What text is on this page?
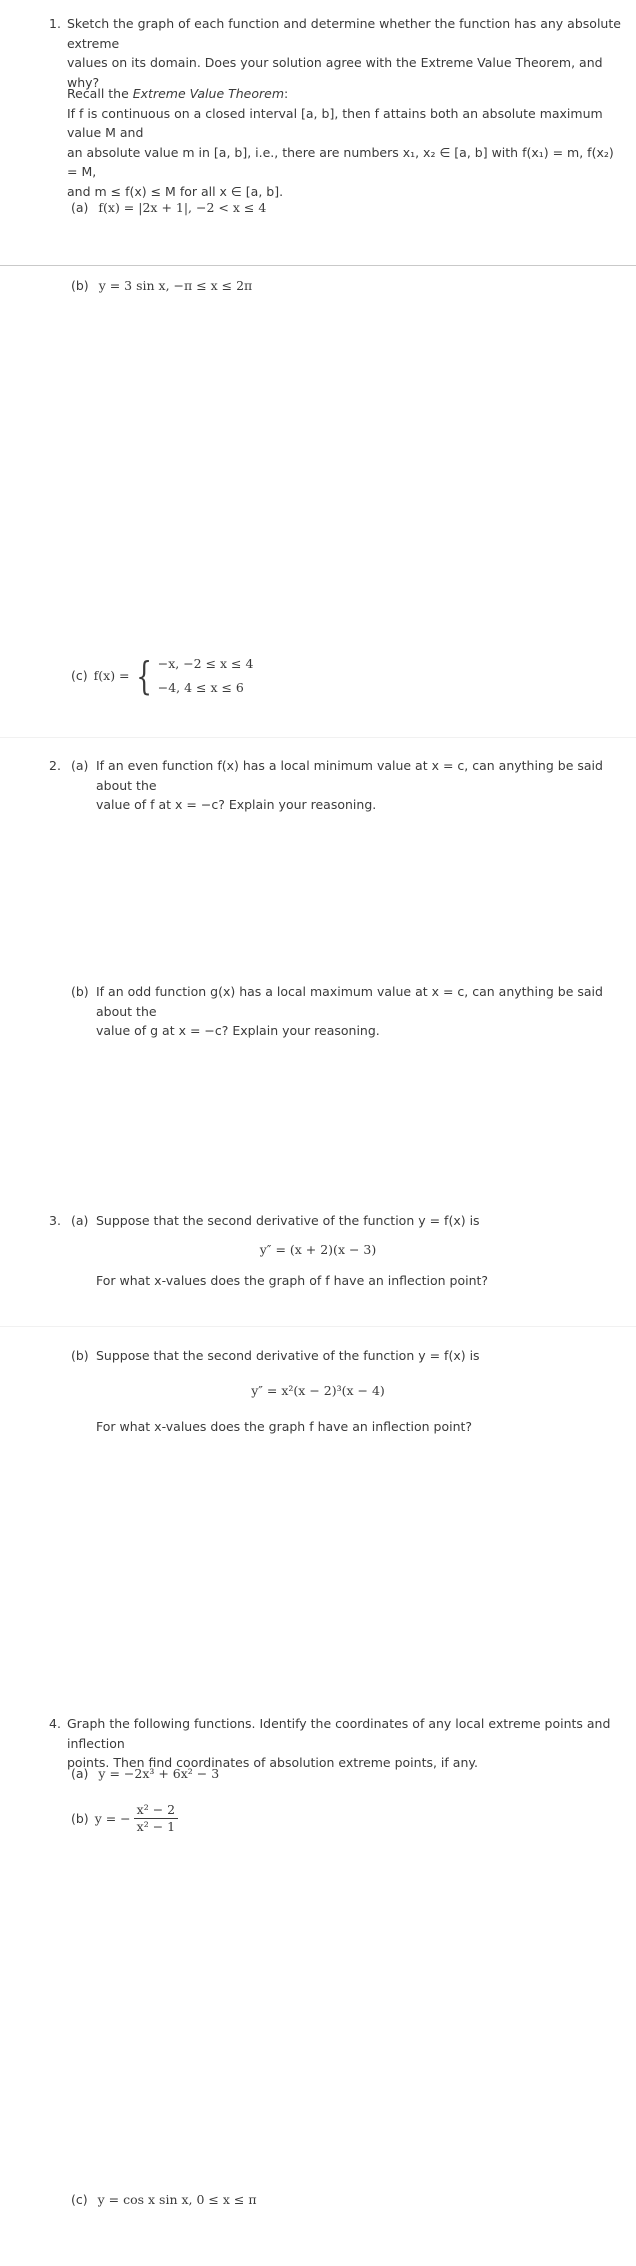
1. Sketch the graph of each function and determine whether the function has any absolute extreme
values on its domain. Does your solution agree with the Extreme Value Theorem, and why?
Recall the Extreme Value Theorem:
If f is continuous on a closed interval [a, b], then f attains both an absolute maximum value M and
an absolute value m in [a, b], i.e., there are numbers x₁, x₂ ∈ [a, b] with f(x₁) = m, f(x₂) = M,
and m ≤ f(x) ≤ M for all x ∈ [a, b].
(a) f(x) = |2x + 1|, −2 < x ≤ 4
(b) y = 3 sin x, −π ≤ x ≤ 2π
(c) f(x) = { −x, −2 ≤ x ≤ 4
−4, 4 ≤ x ≤ 6
2. (a) If an even function f(x) has a local minimum value at x = c, can anything be said about the
value of f at x = −c? Explain your reasoning.
(b) If an odd function g(x) has a local maximum value at x = c, can anything be said about the
value of g at x = −c? Explain your reasoning.
3. (a) Suppose that the second derivative of the function y = f(x) is
y″ = (x + 2)(x − 3)
For what x-values does the graph of f have an inflection point?
(b) Suppose that the second derivative of the function y = f(x) is
y″ = x²(x − 2)³(x − 4)
For what x-values does the graph f have an inflection point?
4. Graph the following functions. Identify the coordinates of any local extreme points and inflection
points. Then find coordinates of absolution extreme points, if any.
(a) y = −2x³ + 6x² − 3
(b) y = − $\frac{\text{x² − 2}}{\text{x² − 1}}$
(c) y = cos x sin x, 0 ≤ x ≤ π
